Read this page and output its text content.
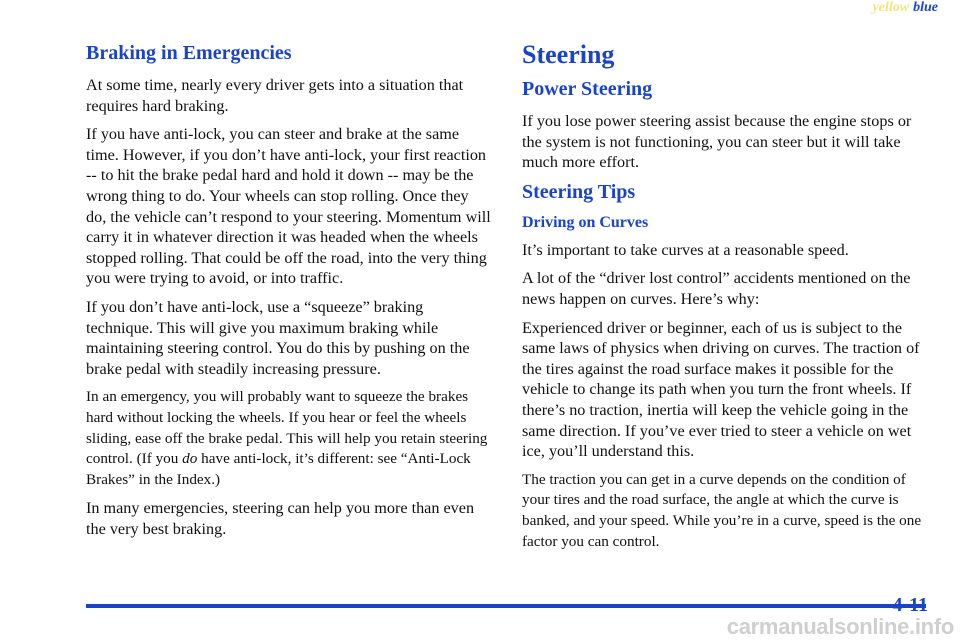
yellow blue
Braking in Emergencies

At some time, nearly every driver gets into a situation that requires hard braking.

If you have anti-lock, you can steer and brake at the same time. However, if you don’t have anti-lock, your first reaction -- to hit the brake pedal hard and hold it down -- may be the wrong thing to do. Your wheels can stop rolling. Once they do, the vehicle can’t respond to your steering. Momentum will carry it in whatever direction it was headed when the wheels stopped rolling. That could be off the road, into the very thing you were trying to avoid, or into traffic.

If you don’t have anti-lock, use a “squeeze” braking technique. This will give you maximum braking while maintaining steering control. You do this by pushing on the brake pedal with steadily increasing pressure.

In an emergency, you will probably want to squeeze the brakes hard without locking the wheels. If you hear or feel the wheels sliding, ease off the brake pedal. This will help you retain steering control. (If you do have anti-lock, it’s different: see “Anti-Lock Brakes” in the Index.)

In many emergencies, steering can help you more than even the very best braking.

Steering
Power Steering

If you lose power steering assist because the engine stops or the system is not functioning, you can steer but it will take much more effort.

Steering Tips
Driving on Curves

It’s important to take curves at a reasonable speed.

A lot of the “driver lost control” accidents mentioned on the news happen on curves. Here’s why:

Experienced driver or beginner, each of us is subject to the same laws of physics when driving on curves. The traction of the tires against the road surface makes it possible for the vehicle to change its path when you turn the front wheels. If there’s no traction, inertia will keep the vehicle going in the same direction. If you’ve ever tried to steer a vehicle on wet ice, you’ll understand this.

The traction you can get in a curve depends on the condition of your tires and the road surface, the angle at which the curve is banked, and your speed. While you’re in a curve, speed is the one factor you can control.

4-11
carmanualsonline.info
